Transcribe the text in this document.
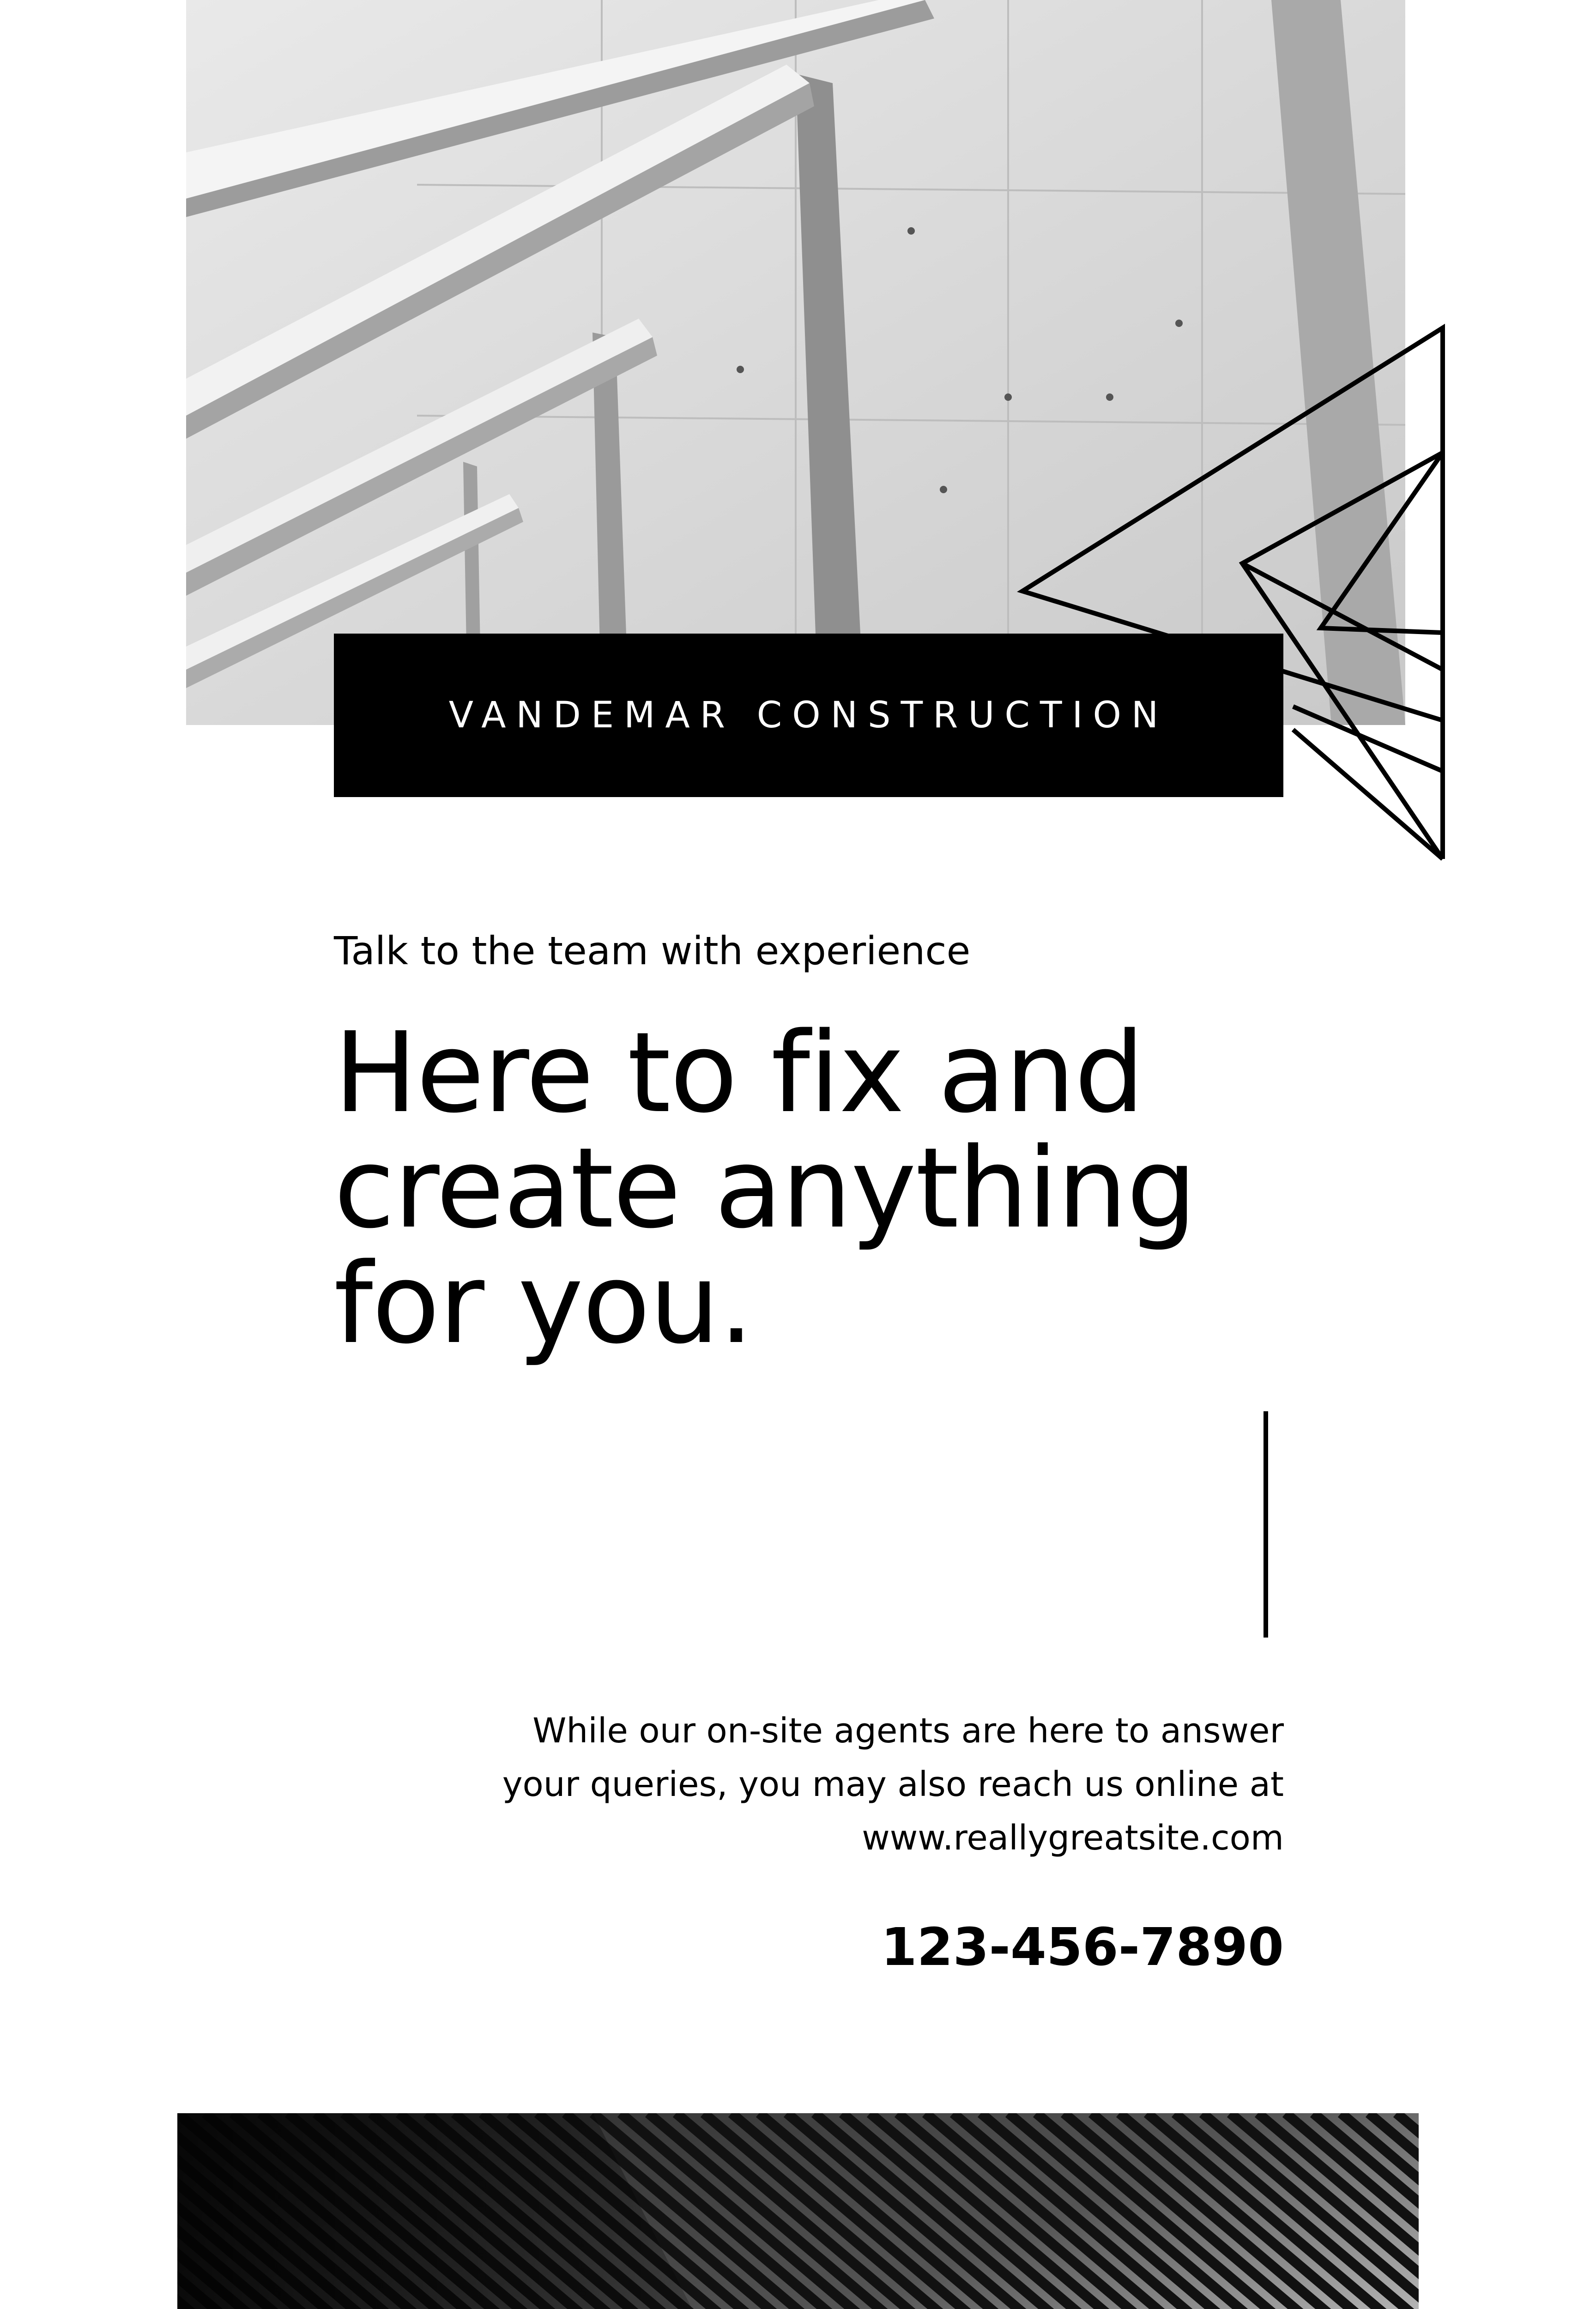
VANDEMAR CONSTRUCTION
Talk to the team with experience
Here to fix and
create anything
for you.
While our on-site agents are here to answer
your queries, you may also reach us online at
www.reallygreatsite.com
123-456-7890
